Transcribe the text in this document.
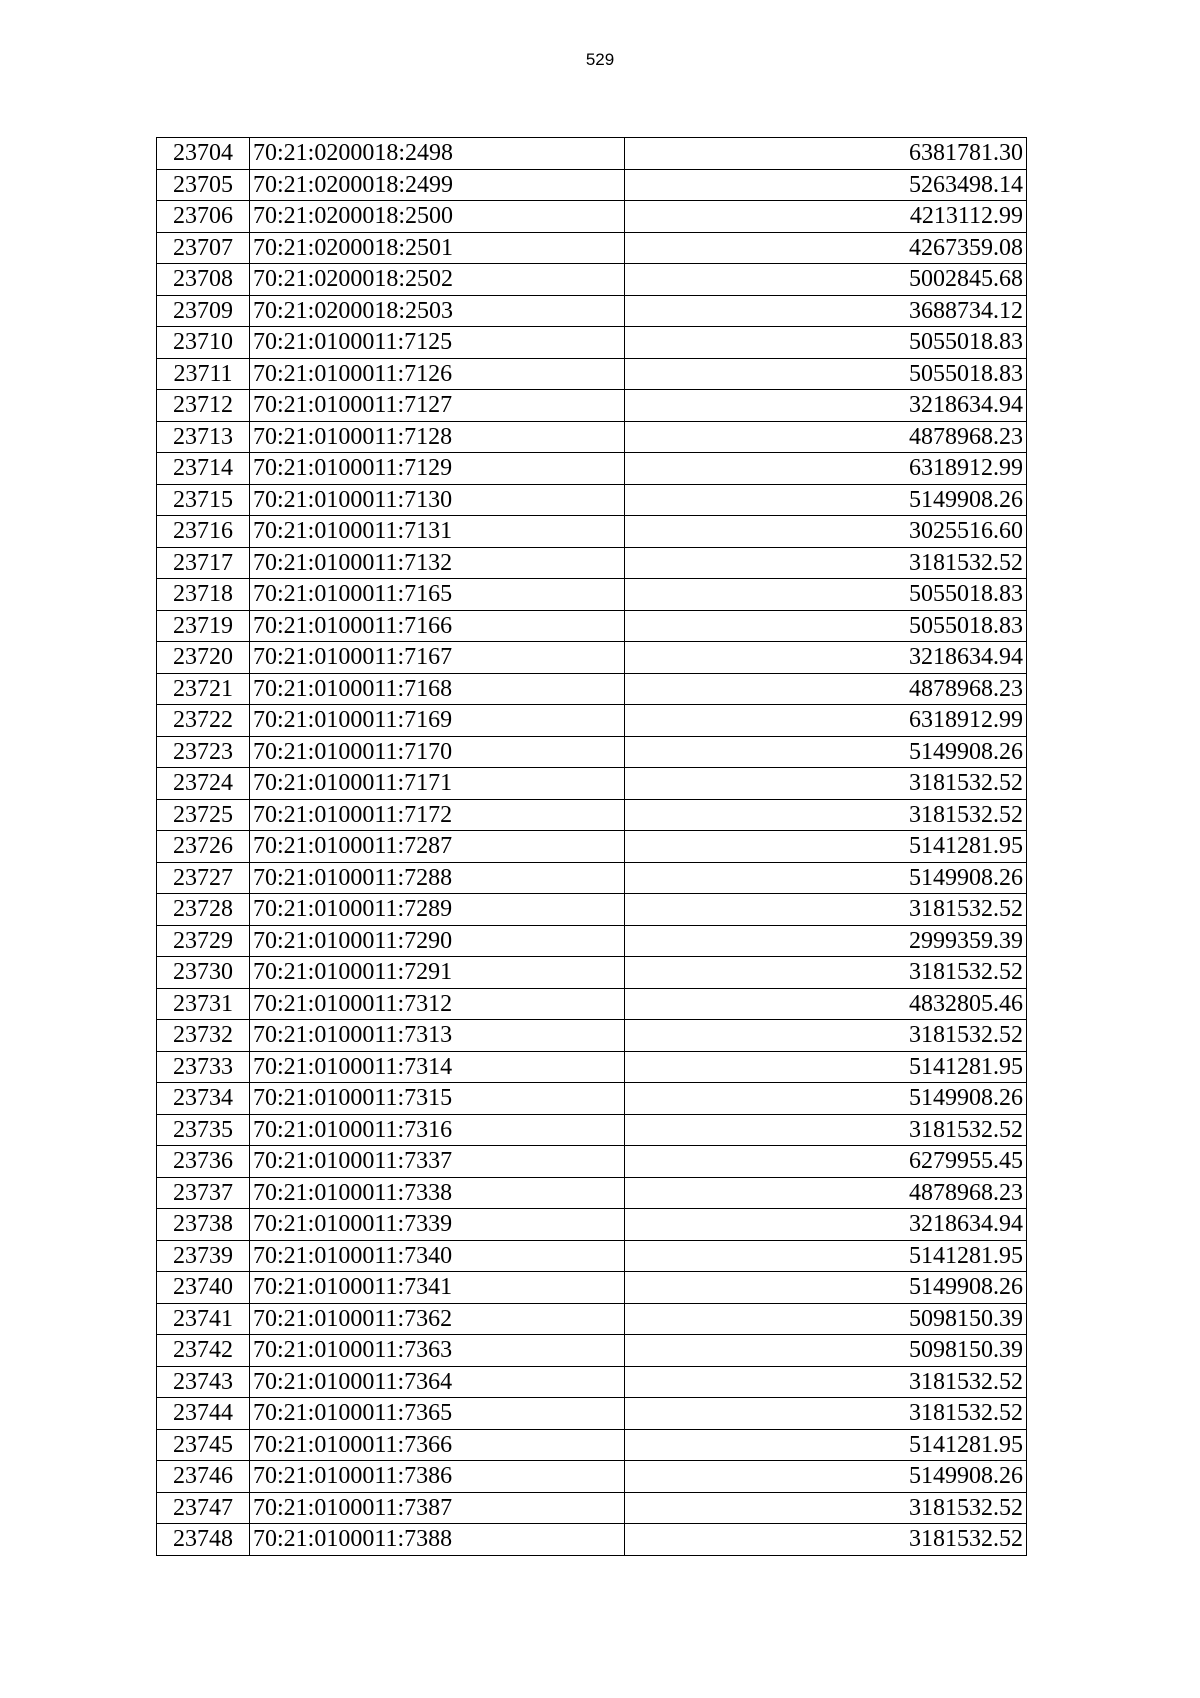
529
23704	70:21:0200018:2498	6381781.30
23705	70:21:0200018:2499	5263498.14
23706	70:21:0200018:2500	4213112.99
23707	70:21:0200018:2501	4267359.08
23708	70:21:0200018:2502	5002845.68
23709	70:21:0200018:2503	3688734.12
23710	70:21:0100011:7125	5055018.83
23711	70:21:0100011:7126	5055018.83
23712	70:21:0100011:7127	3218634.94
23713	70:21:0100011:7128	4878968.23
23714	70:21:0100011:7129	6318912.99
23715	70:21:0100011:7130	5149908.26
23716	70:21:0100011:7131	3025516.60
23717	70:21:0100011:7132	3181532.52
23718	70:21:0100011:7165	5055018.83
23719	70:21:0100011:7166	5055018.83
23720	70:21:0100011:7167	3218634.94
23721	70:21:0100011:7168	4878968.23
23722	70:21:0100011:7169	6318912.99
23723	70:21:0100011:7170	5149908.26
23724	70:21:0100011:7171	3181532.52
23725	70:21:0100011:7172	3181532.52
23726	70:21:0100011:7287	5141281.95
23727	70:21:0100011:7288	5149908.26
23728	70:21:0100011:7289	3181532.52
23729	70:21:0100011:7290	2999359.39
23730	70:21:0100011:7291	3181532.52
23731	70:21:0100011:7312	4832805.46
23732	70:21:0100011:7313	3181532.52
23733	70:21:0100011:7314	5141281.95
23734	70:21:0100011:7315	5149908.26
23735	70:21:0100011:7316	3181532.52
23736	70:21:0100011:7337	6279955.45
23737	70:21:0100011:7338	4878968.23
23738	70:21:0100011:7339	3218634.94
23739	70:21:0100011:7340	5141281.95
23740	70:21:0100011:7341	5149908.26
23741	70:21:0100011:7362	5098150.39
23742	70:21:0100011:7363	5098150.39
23743	70:21:0100011:7364	3181532.52
23744	70:21:0100011:7365	3181532.52
23745	70:21:0100011:7366	5141281.95
23746	70:21:0100011:7386	5149908.26
23747	70:21:0100011:7387	3181532.52
23748	70:21:0100011:7388	3181532.52
